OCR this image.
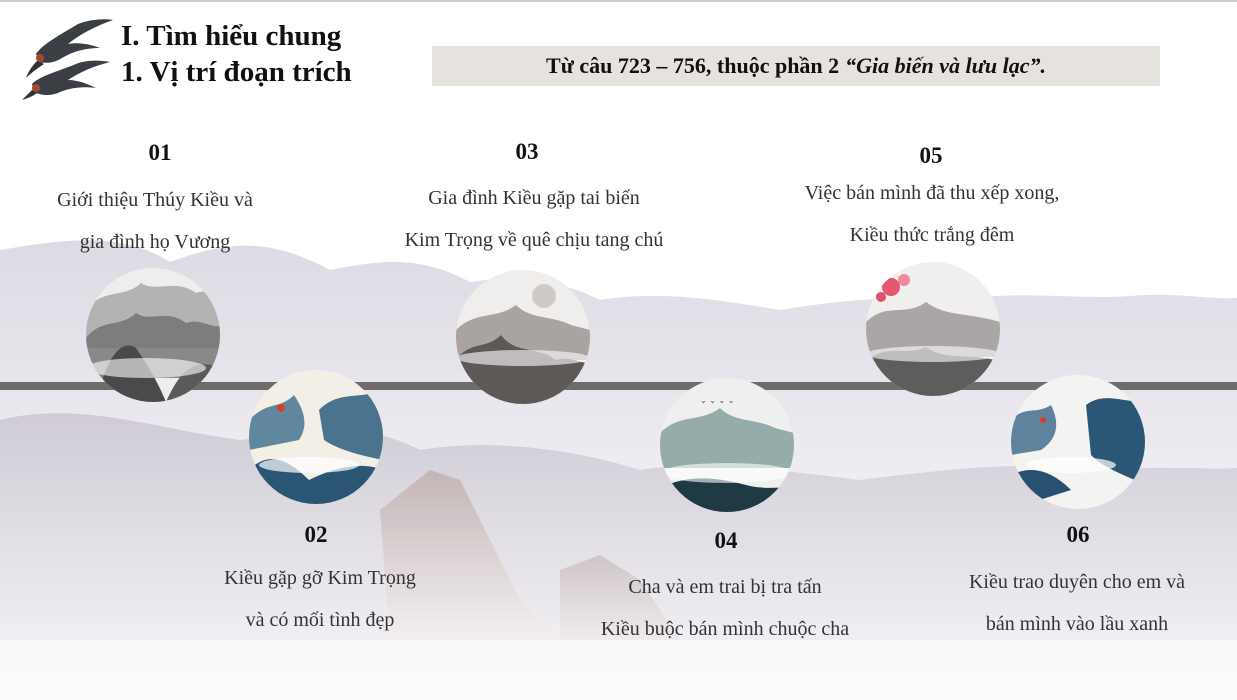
I. Tìm hiểu chung
1. Vị trí đoạn trích	Từ câu 723 – 756, thuộc phần 2 “Gia biến và lưu lạc”.
01
02
03
04
05
06
Giới thiệu Thúy Kiều và
gia đình họ Vương
Kiều gặp gỡ Kim Trọng
và có mối tình đẹp
Gia đình Kiều gặp tai biến
Kim Trọng về quê chịu tang chú
Cha và em trai bị tra tấn
Kiều buộc bán mình chuộc cha
Việc bán mình đã thu xếp xong,
Kiều thức trắng đêm
Kiều trao duyên cho em và
bán mình vào lầu xanh
⌄ ⌄ ⌄ ⌄
